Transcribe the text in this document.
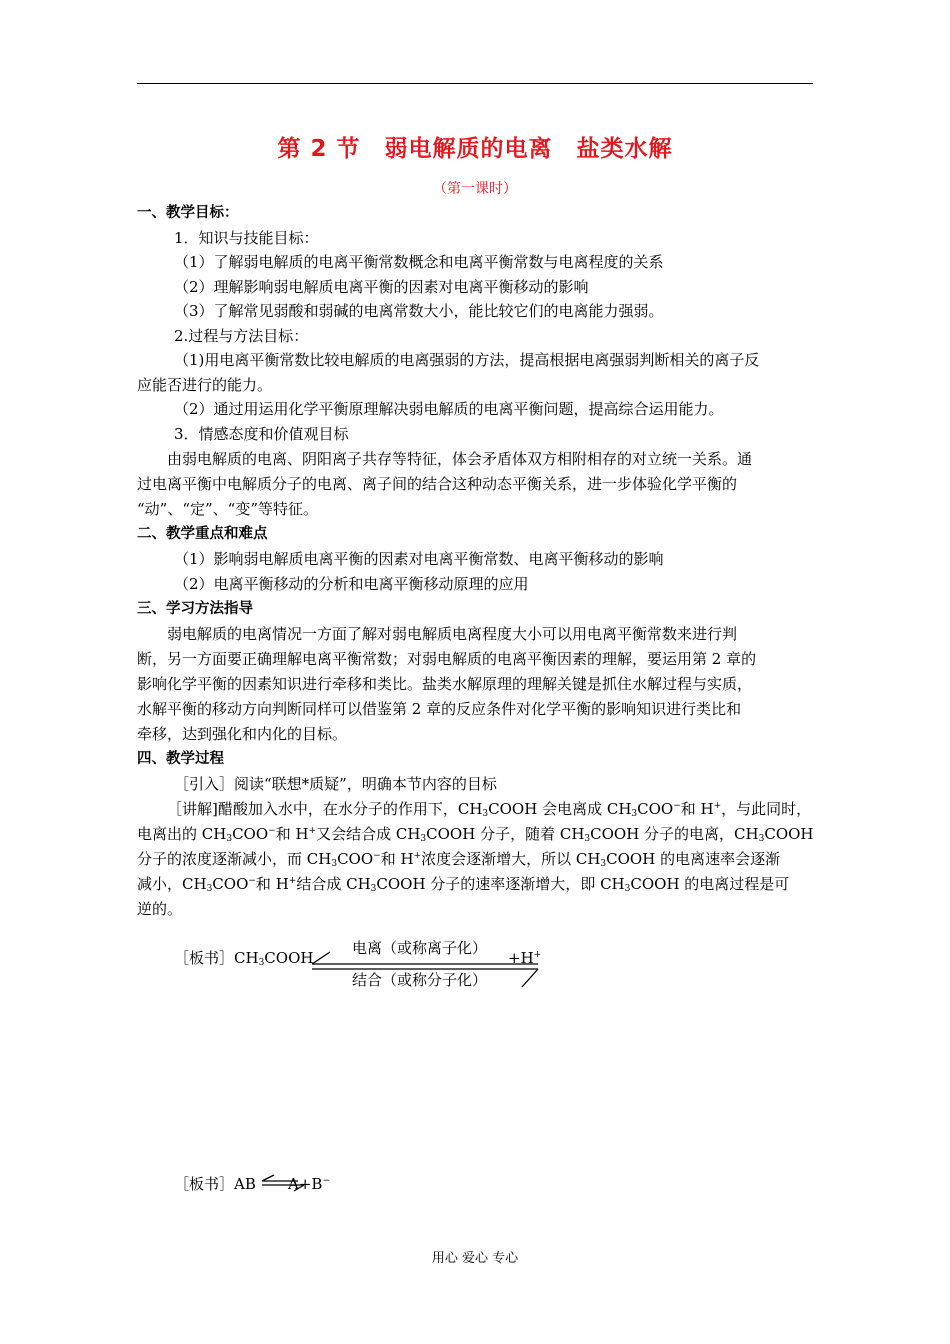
第 2 节　弱电解质的电离　盐类水解
（第一课时）
一、教学目标：
1．知识与技能目标：
（1）了解弱电解质的电离平衡常数概念和电离平衡常数与电离程度的关系
（2）理解影响弱电解质电离平衡的因素对电离平衡移动的影响
（3）了解常见弱酸和弱碱的电离常数大小，能比较它们的电离能力强弱。
2.过程与方法目标：
（1)用电离平衡常数比较电解质的电离强弱的方法，提高根据电离强弱判断相关的离子反
应能否进行的能力。
（2）通过用运用化学平衡原理解决弱电解质的电离平衡问题，提高综合运用能力。
3．情感态度和价值观目标
由弱电解质的电离、阴阳离子共存等特征，体会矛盾体双方相附相存的对立统一关系。通
过电离平衡中电解质分子的电离、离子间的结合这种动态平衡关系，进一步体验化学平衡的
“动”、“定”、“变”等特征。
二、教学重点和难点
（1）影响弱电解质电离平衡的因素对电离平衡常数、电离平衡移动的影响
（2）电离平衡移动的分析和电离平衡移动原理的应用
三、学习方法指导
弱电解质的电离情况一方面了解对弱电解质电离程度大小可以用电离平衡常数来进行判
断，另一方面要正确理解电离平衡常数；对弱电解质的电离平衡因素的理解，要运用第 2 章的
影响化学平衡的因素知识进行牵移和类比。盐类水解原理的理解关键是抓住水解过程与实质，
水解平衡的移动方向判断同样可以借鉴第 2 章的反应条件对化学平衡的影响知识进行类比和
牵移，达到强化和内化的目标。
四、教学过程
［引入］阅读“联想*质疑”，明确本节内容的目标
［讲解]醋酸加入水中，在水分子的作用下，$CH_3COOH$ 会电离成 $CH_3COO^-$和 H+，与此同时，
电离出的 $CH_3COO^-$和 H+又会结合成 $CH_3COOH$ 分子，随着 $CH_3COOH$ 分子的电离，$CH_3COOH$
分子的浓度逐渐减小，而 $CH_3COO^-$和 H+浓度会逐渐增大，所以 $CH_3COOH$ 的电离速率会逐渐
减小，$CH_3COO^-$和 H+结合成 $CH_3COOH$ 分子的速率逐渐增大，即 $CH_3COOH$ 的电离过程是可
逆的。
［板书$]CH_3COOH$
电离（或称离子化）
结合（或称分子化）
+H+
［板书］AB A+B−
用心 爱心 专心
